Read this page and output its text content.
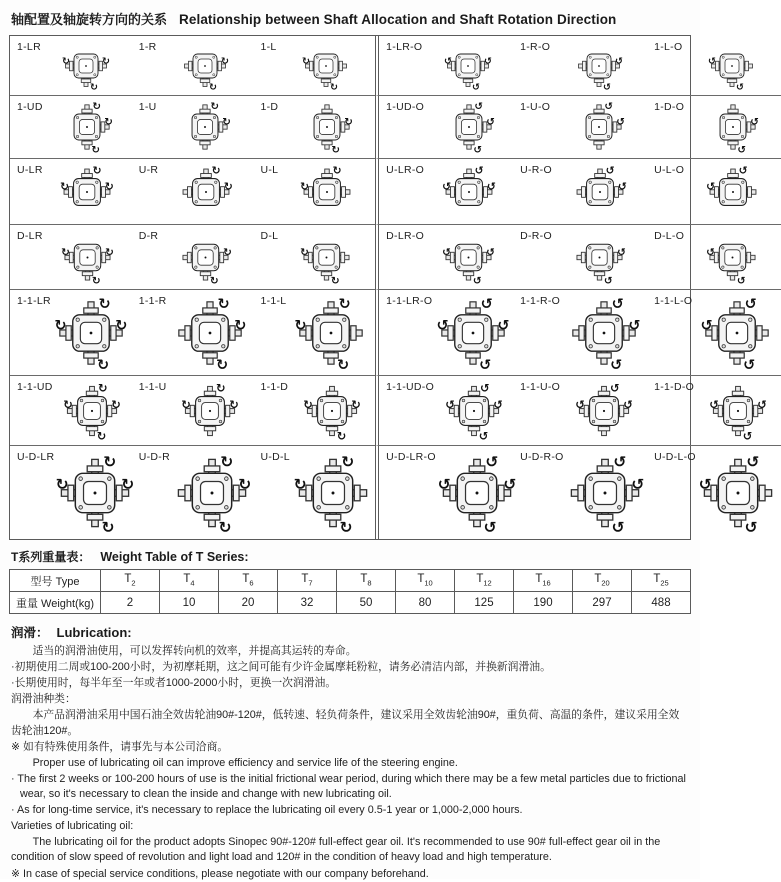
轴配置及轴旋转方向的关系 Relationship between Shaft Allocation and Shaft Rotation Direction
1-LR
↻ ↻
↻
1-R
↻
↻
1-L
↻
↻
1-LR-O
↺ ↺
↺
1-R-O
↺
↺
1-L-O
↺
↺
1-UD	↻
↻
↻
1-U	↻
↻
1-D
↻
↻
1-UD-O	↺
↺
↺
1-U-O	↺
↺
1-D-O
↺
↺
U-LR	↻
↻ ↻
U-R	↻
↻
U-L	↻
↻
U-LR-O	↺
↺ ↺
U-R-O	↺
↺
U-L-O	↺
↺
D-LR
↻
↻ ↻
D-R
↻
↻
D-L
↻
↻
D-LR-O
↺
↺ ↺
D-R-O
↺
↺
D-L-O
↺
↺
1-1-LR	↻
↻
↻	↻
1-1-R	↻
↻
↻
1-1-L	↻
↻
↻
1-1-LR-O	↺
↺
↺	↺
1-1-R-O	↺
↺
↺
1-1-L-O	↺
↺
↺
1-1-UD ↻
↻
↻ ↻
1-1-U	↻
↻ ↻
1-1-D
↻
↻ ↻
1-1-UD-O ↺
↺
↺ ↺
1-1-U-O	↺
↺ ↺
1-1-D-O
↺
↺ ↺
U-D-LR	↻
↻
↻	↻
U-D-R	↻
↻
↻
U-D-L	↻
↻
↻
U-D-LR-O	↺
↺
↺	↺
U-D-R-O	↺
↺
↺
U-D-L-O	↺
↺
↺
T系列重量表： Weight Table of T Series:
型号 Type	$T_2$	$T_4$	$T_6$	$T_7$	$T_8$	$T_{10}$	$T_{12}$	$T_{16}$	$T_{20}$	$T_{25}$
重量 Weight(kg)	2	10	20	32	50	80	125	190	297	488
润滑： Lubrication:

适当的润滑油使用，可以发挥转向机的效率，并提高其运转的寿命。

·初期使用二周或100-200小时，为初摩耗期，这之间可能有少许金属摩耗粉粒，请务必清洁内部，并换新润滑油。

·长期使用时，每半年至一年或者1000-2000小时，更换一次润滑油。

润滑油种类：

本产品润滑油采用中国石油全效齿轮油90#-120#，低转速、轻负荷条件，建议采用全效齿轮油90#，重负荷、高温的条件，建议采用全效齿轮油120#。

※ 如有特殊使用条件，请事先与本公司洽商。

Proper use of lubricating oil can improve efficiency and service life of the steering engine.

· The first 2 weeks or 100-200 hours of use is the initial frictional wear period, during which there may be a few metal particles due to frictional wear, so it's necessary to clean the inside and change with new lubricating oil.

· As for long-time service, it's necessary to replace the lubricating oil every 0.5-1 year or 1,000-2,000 hours.

Varieties of lubricating oil:

The lubricating oil for the product adopts Sinopec 90#-120# full-effect gear oil. It's recommended to use 90# full-effect gear oil in the condition of slow speed of revolution and light load and 120# in the condition of heavy load and high temperature.

※ In case of special service conditions, please negotiate with our company beforehand.
